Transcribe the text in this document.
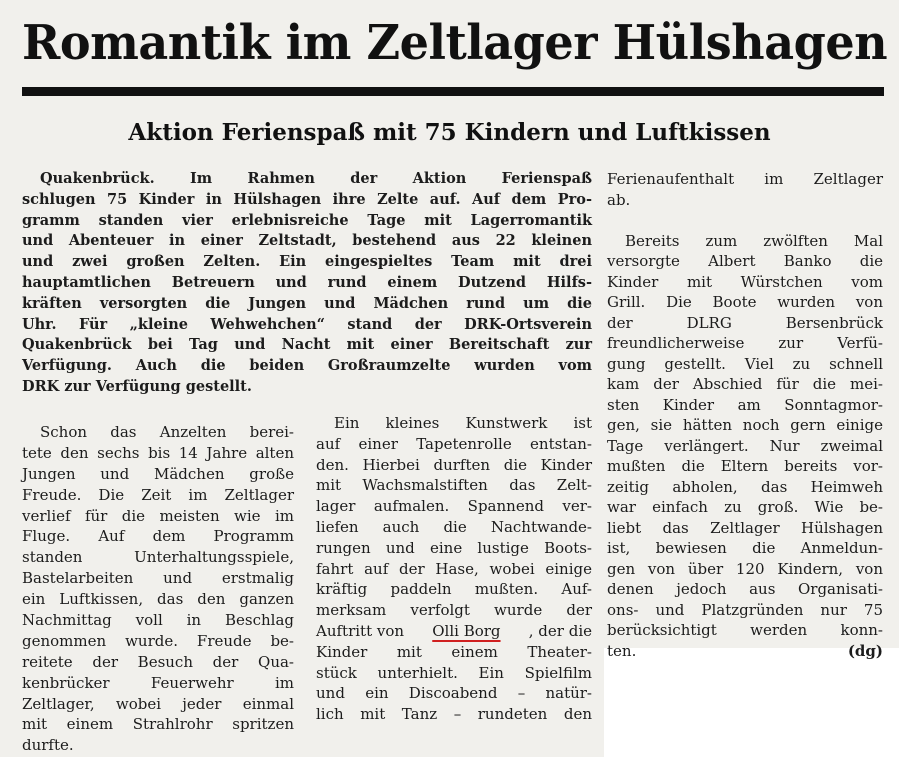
Romantik im Zeltlager Hülshagen
Aktion Ferienspaß mit 75 Kindern und Luftkissen
Quakenbrück. Im Rahmen der Aktion Ferienspaß
schlugen 75 Kinder in Hülshagen ihre Zelte auf. Auf dem Pro-
gramm standen vier erlebnisreiche Tage mit Lagerromantik
und Abenteuer in einer Zeltstadt, bestehend aus 22 kleinen
und zwei großen Zelten. Ein eingespieltes Team mit drei
hauptamtlichen Betreuern und rund einem Dutzend Hilfs-
kräften versorgten die Jungen und Mädchen rund um die
Uhr. Für „kleine Wehwehchen“ stand der DRK-Ortsverein
Quakenbrück bei Tag und Nacht mit einer Bereitschaft zur
Verfügung. Auch die beiden Großraumzelte wurden vom
DRK zur Verfügung gestellt.
Schon das Anzelten berei-
tete den sechs bis 14 Jahre alten
Jungen und Mädchen große
Freude. Die Zeit im Zeltlager
verlief für die meisten wie im
Fluge. Auf dem Programm
standen Unterhaltungsspiele,
Bastelarbeiten und erstmalig
ein Luftkissen, das den ganzen
Nachmittag voll in Beschlag
genommen wurde. Freude be-
reitete der Besuch der Qua-
kenbrücker Feuerwehr im
Zeltlager, wobei jeder einmal
mit einem Strahlrohr spritzen
durfte.
Ein kleines Kunstwerk ist
auf einer Tapetenrolle entstan-
den. Hierbei durften die Kinder
mit Wachsmalstiften das Zelt-
lager aufmalen. Spannend ver-
liefen auch die Nachtwande-
rungen und eine lustige Boots-
fahrt auf der Hase, wobei einige
kräftig paddeln mußten. Auf-
merksam verfolgt wurde der
Auftritt von Olli Borg , der die
Kinder mit einem Theater-
stück unterhielt. Ein Spielfilm
und ein Discoabend – natür-
lich mit Tanz – rundeten den
Ferienaufenthalt im Zeltlager
ab.
Bereits zum zwölften Mal
versorgte Albert Banko die
Kinder mit Würstchen vom
Grill. Die Boote wurden von
der DLRG Bersenbrück
freundlicherweise zur Verfü-
gung gestellt. Viel zu schnell
kam der Abschied für die mei-
sten Kinder am Sonntagmor-
gen, sie hätten noch gern einige
Tage verlängert. Nur zweimal
mußten die Eltern bereits vor-
zeitig abholen, das Heimweh
war einfach zu groß. Wie be-
liebt das Zeltlager Hülshagen
ist, bewiesen die Anmeldun-
gen von über 120 Kindern, von
denen jedoch aus Organisati-
ons- und Platzgründen nur 75
berücksichtigt werden konn-
ten.	(dg)
